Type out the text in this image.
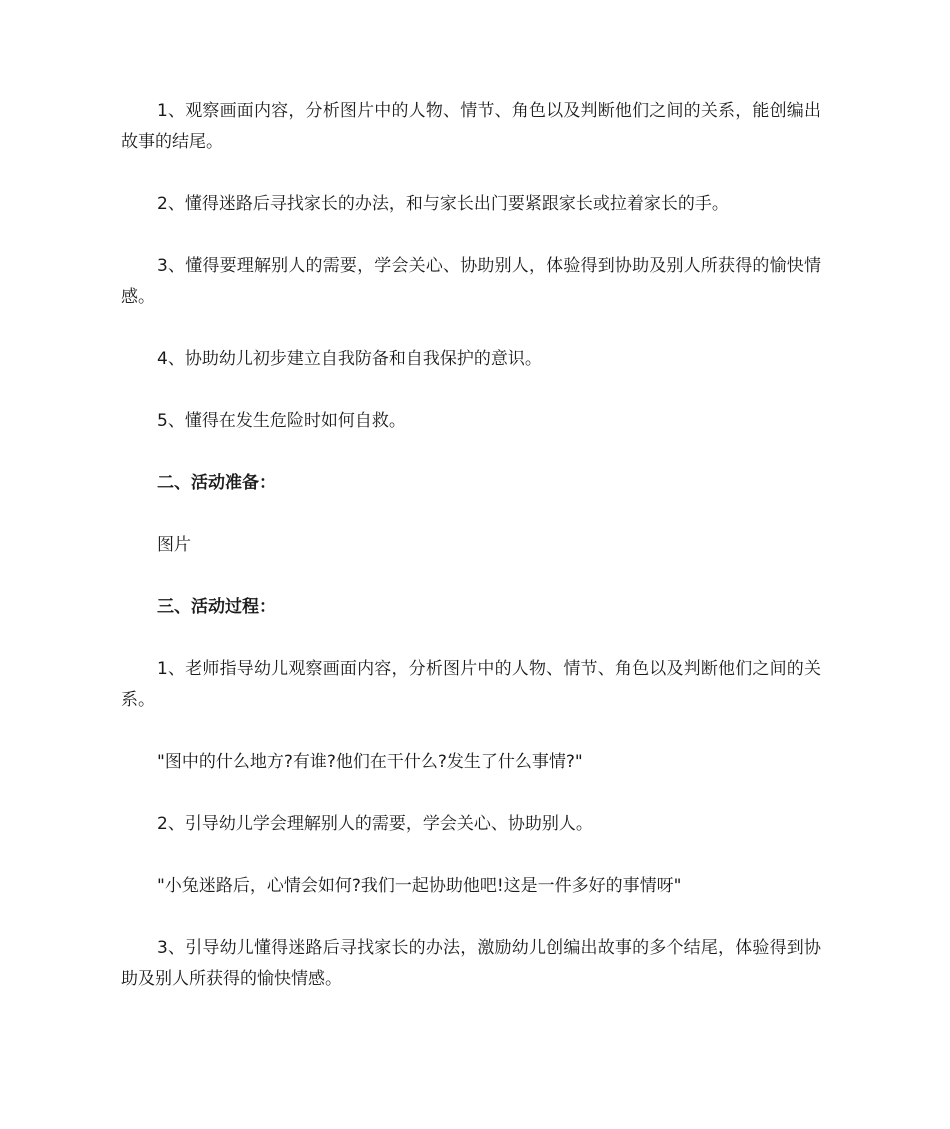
1、观察画面内容，分析图片中的人物、情节、角色以及判断他们之间的关系，能创编出故事的结尾。

2、懂得迷路后寻找家长的办法，和与家长出门要紧跟家长或拉着家长的手。

3、懂得要理解别人的需要，学会关心、协助别人，体验得到协助及别人所获得的愉快情感。

4、协助幼儿初步建立自我防备和自我保护的意识。

5、懂得在发生危险时如何自救。

二、活动准备：

图片

三、活动过程：

1、老师指导幼儿观察画面内容，分析图片中的人物、情节、角色以及判断他们之间的关系。

"图中的什么地方?有谁?他们在干什么?发生了什么事情?"

2、引导幼儿学会理解别人的需要，学会关心、协助别人。

"小兔迷路后，心情会如何?我们一起协助他吧!这是一件多好的事情呀"

3、引导幼儿懂得迷路后寻找家长的办法，激励幼儿创编出故事的多个结尾，体验得到协助及别人所获得的愉快情感。
